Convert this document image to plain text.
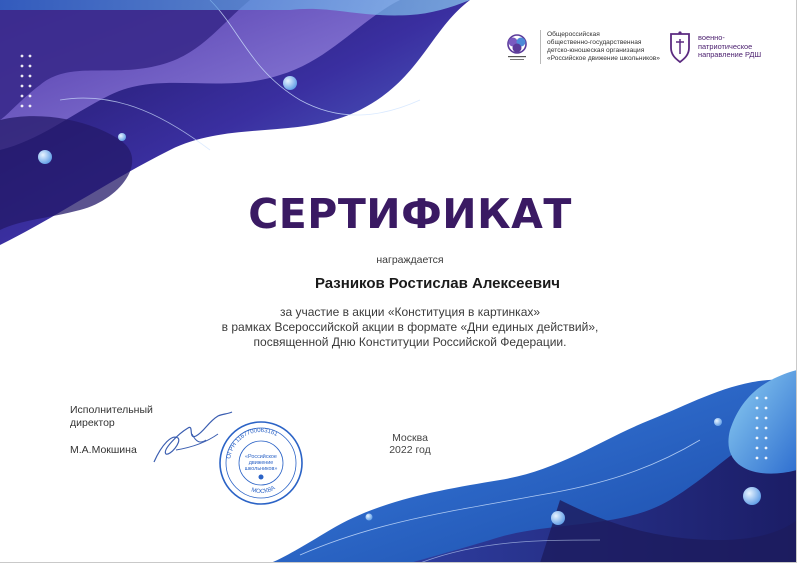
Общероссийская
общественно-государственная
детско-юношеская организация
«Российское движение школьников»
военно-
патриотическое
направление РДШ
СЕРТИФИКАТ
награждается
Разников Ростислав Алексеевич
за участие в акции «Конституция в картинках»
в рамках Всероссийской акции в формате «Дни единых действий»,
посвященной Дню Конституции Российской Федерации.
Исполнительный
директор
М.А.Мокшина
ОГРН 1167700063161
МОСКВА
«Российское
движение
школьников»
Москва
2022 год
